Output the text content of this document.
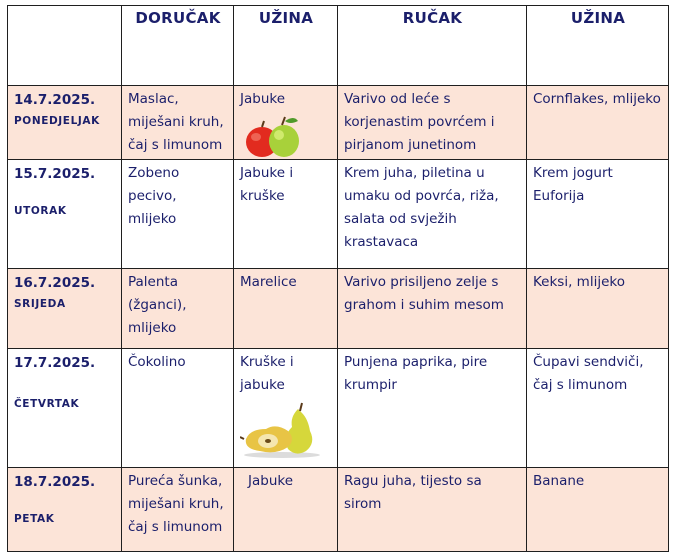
	DORUČAK	UŽINA	RUČAK	UŽINA

14.7.2025.
PONEDJELJAK	Maslac, miješani kruh, čaj s limunom	Jabuke	Varivo od leće s korjenastim povrćem i pirjanom junetinom	Cornflakes, mlijeko

15.7.2025.
UTORAK	Zobeno pecivo, mlijeko	Jabuke i kruške	Krem juha, piletina u umaku od povrća, riža, salata od svježih krastavaca	Krem jogurt Euforija

16.7.2025.
SRIJEDA	Palenta (žganci), mlijeko	Marelice	Varivo prisiljeno zelje s grahom i suhim mesom	Keksi, mlijeko

17.7.2025.
ČETVRTAK	Čokolino	Kruške i jabuke	Punjena paprika, pire krumpir	Čupavi sendviči, čaj s limunom

18.7.2025.
PETAK	Pureća šunka, miješani kruh, čaj s limunom	Jabuke	Ragu juha, tijesto sa sirom	Banane
